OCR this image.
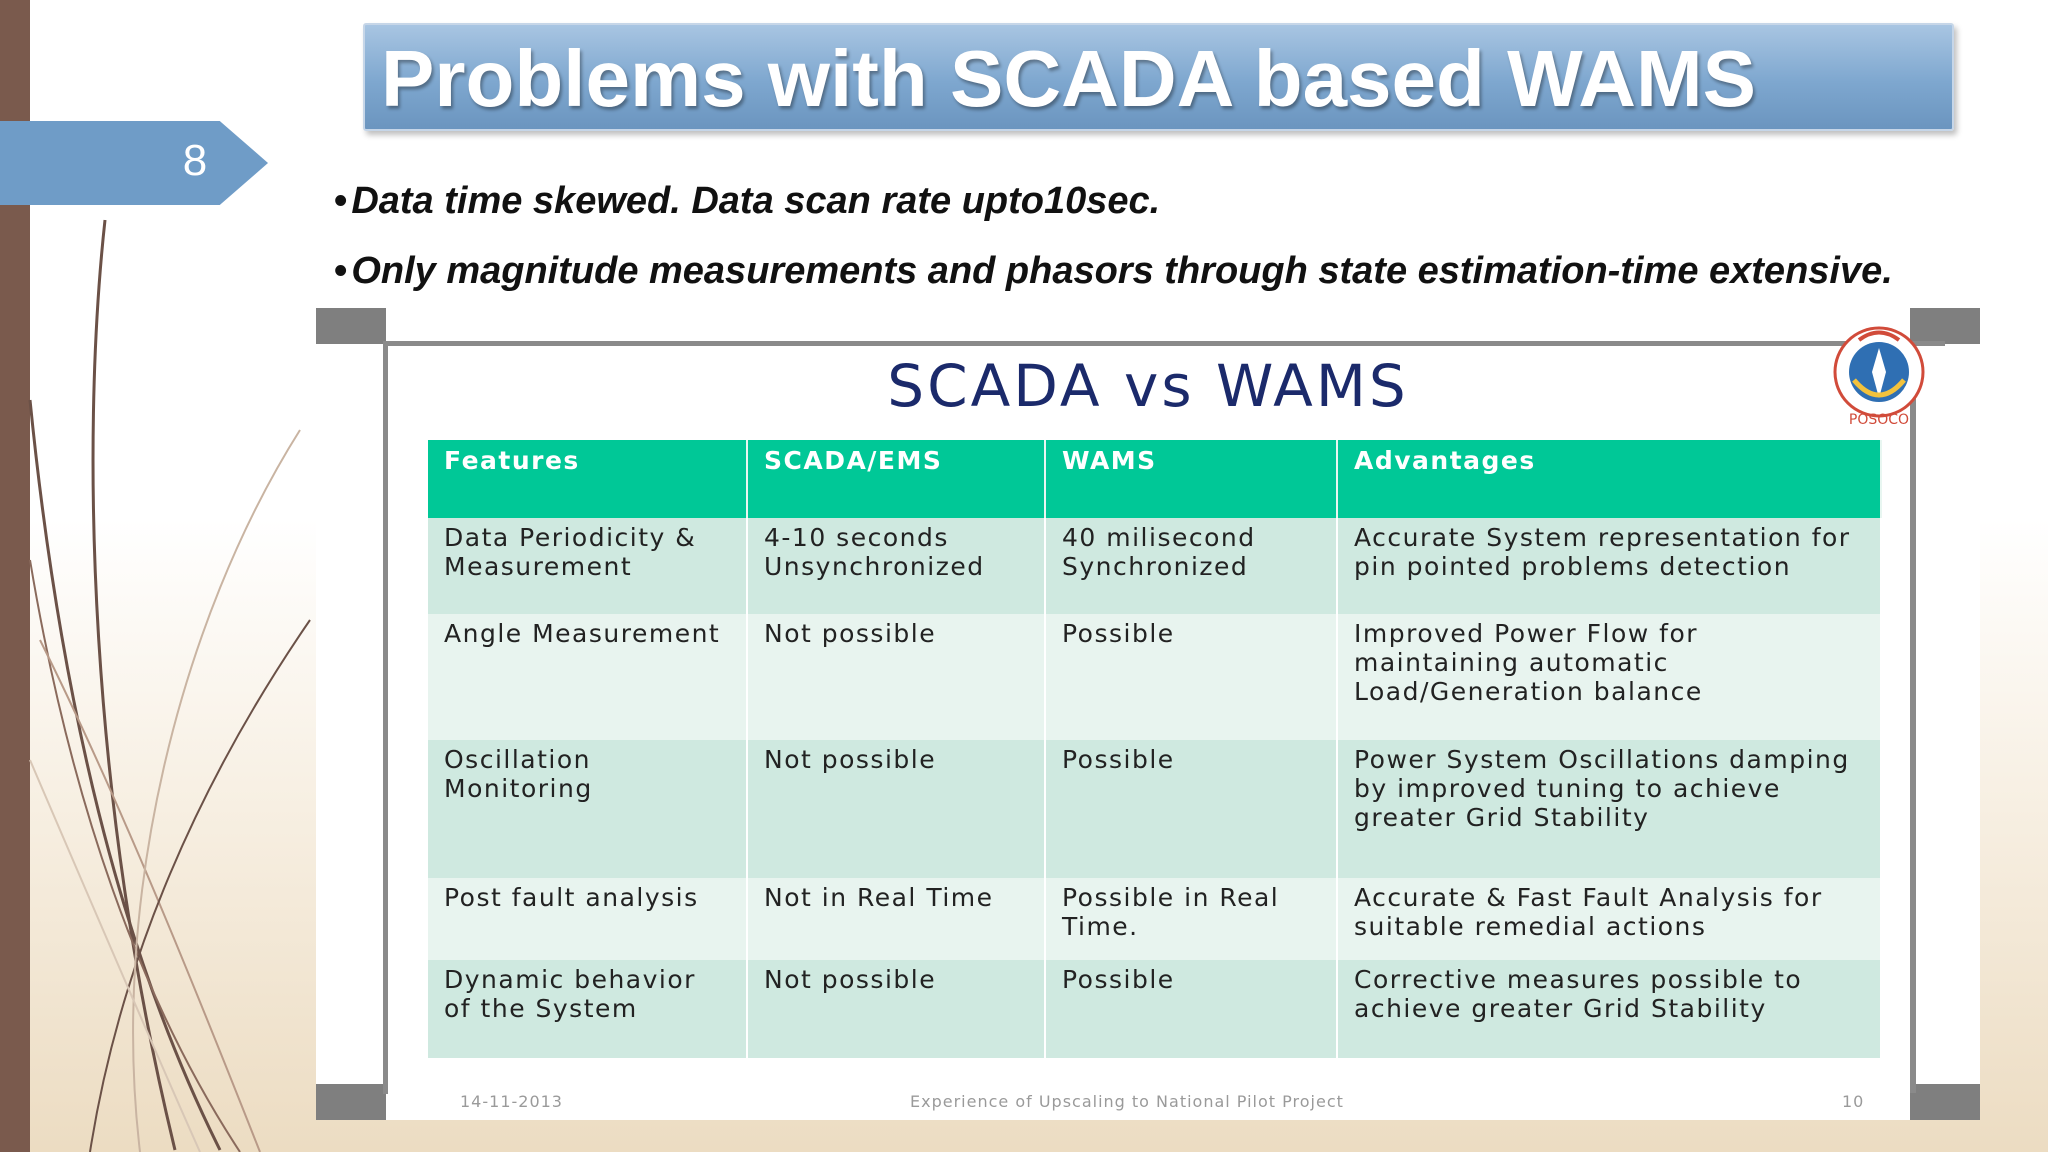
8
Problems with SCADA based WAMS
• Data time skewed. Data scan rate upto10sec.
• Only magnitude measurements and phasors through state estimation-time extensive.
SCADA vs WAMS	POSOCO
Features	SCADA/EMS	WAMS	Advantages
Data Periodicity & Measurement	4-10 seconds Unsynchronized	40 milisecond Synchronized	Accurate System representation for pin pointed problems detection
Angle Measurement	Not possible	Possible	Improved Power Flow for maintaining automatic Load/Generation balance
Oscillation Monitoring	Not possible	Possible	Power System Oscillations damping by improved tuning to achieve greater Grid Stability
Post fault analysis	Not in Real Time	Possible in Real Time.	Accurate & Fast Fault Analysis for suitable remedial actions
Dynamic behavior of the System	Not possible	Possible	Corrective measures possible to achieve greater Grid Stability
14-11-2013	Experience of Upscaling to National Pilot Project	10
